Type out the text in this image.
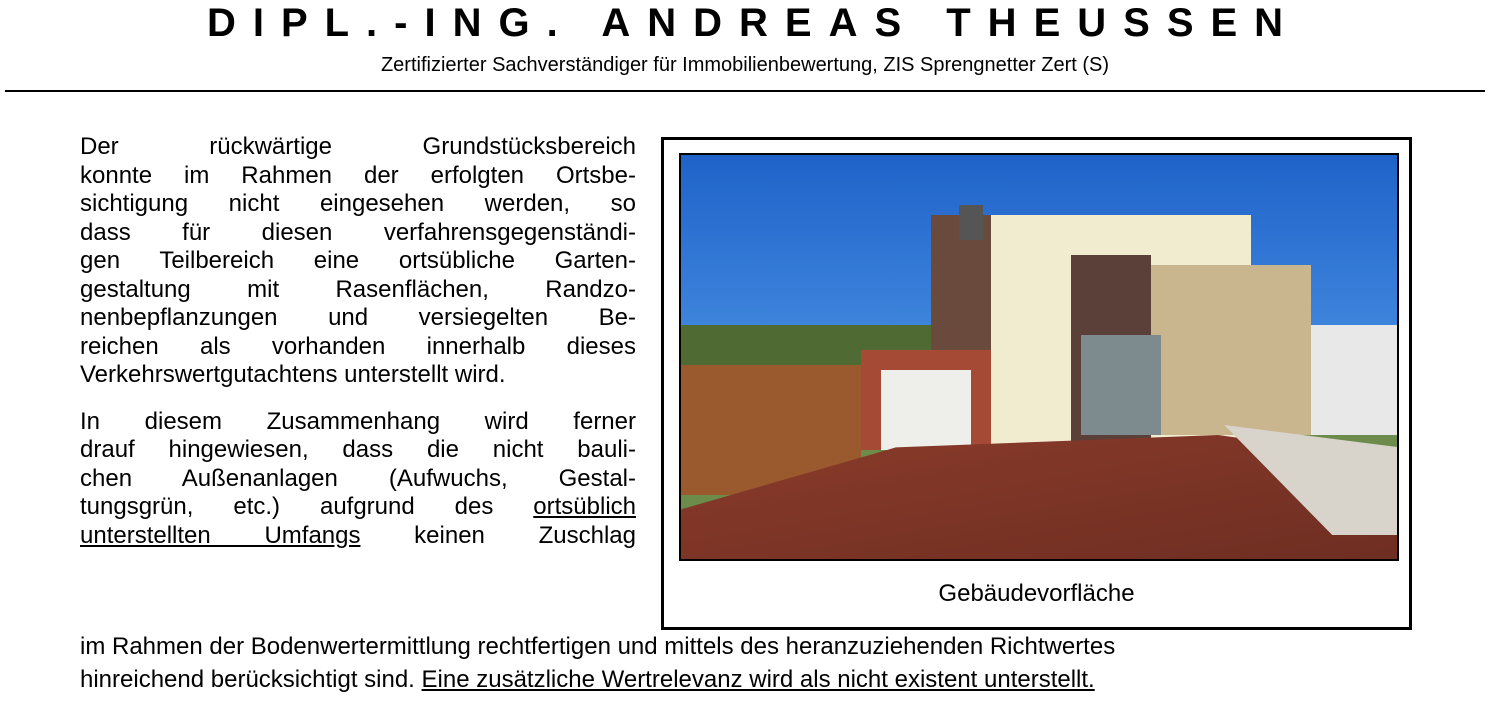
DIPL.-ING. ANDREAS THEUSSEN
Zertifizierter Sachverständiger für Immobilienbewertung, ZIS Sprengnetter Zert (S)
Gebäudevorfläche
Der rückwärtige Grundstücksbereich
konnte im Rahmen der erfolgten Ortsbe-
sichtigung nicht eingesehen werden, so
dass für diesen verfahrensgegenständi-
gen Teilbereich eine ortsübliche Garten-
gestaltung mit Rasenflächen, Randzo-
nenbepflanzungen und versiegelten Be-
reichen als vorhanden innerhalb dieses
Verkehrswertgutachtens unterstellt wird.
In diesem Zusammenhang wird ferner
drauf hingewiesen, dass die nicht bauli-
chen Außenanlagen (Aufwuchs, Gestal-
tungsgrün, etc.) aufgrund des ortsüblich
unterstellten Umfangs keinen Zuschlag
im Rahmen der Bodenwertermittlung rechtfertigen und mittels des heranzuziehenden Richtwertes
hinreichend berücksichtigt sind. Eine zusätzliche Wertrelevanz wird als nicht existent unterstellt.
